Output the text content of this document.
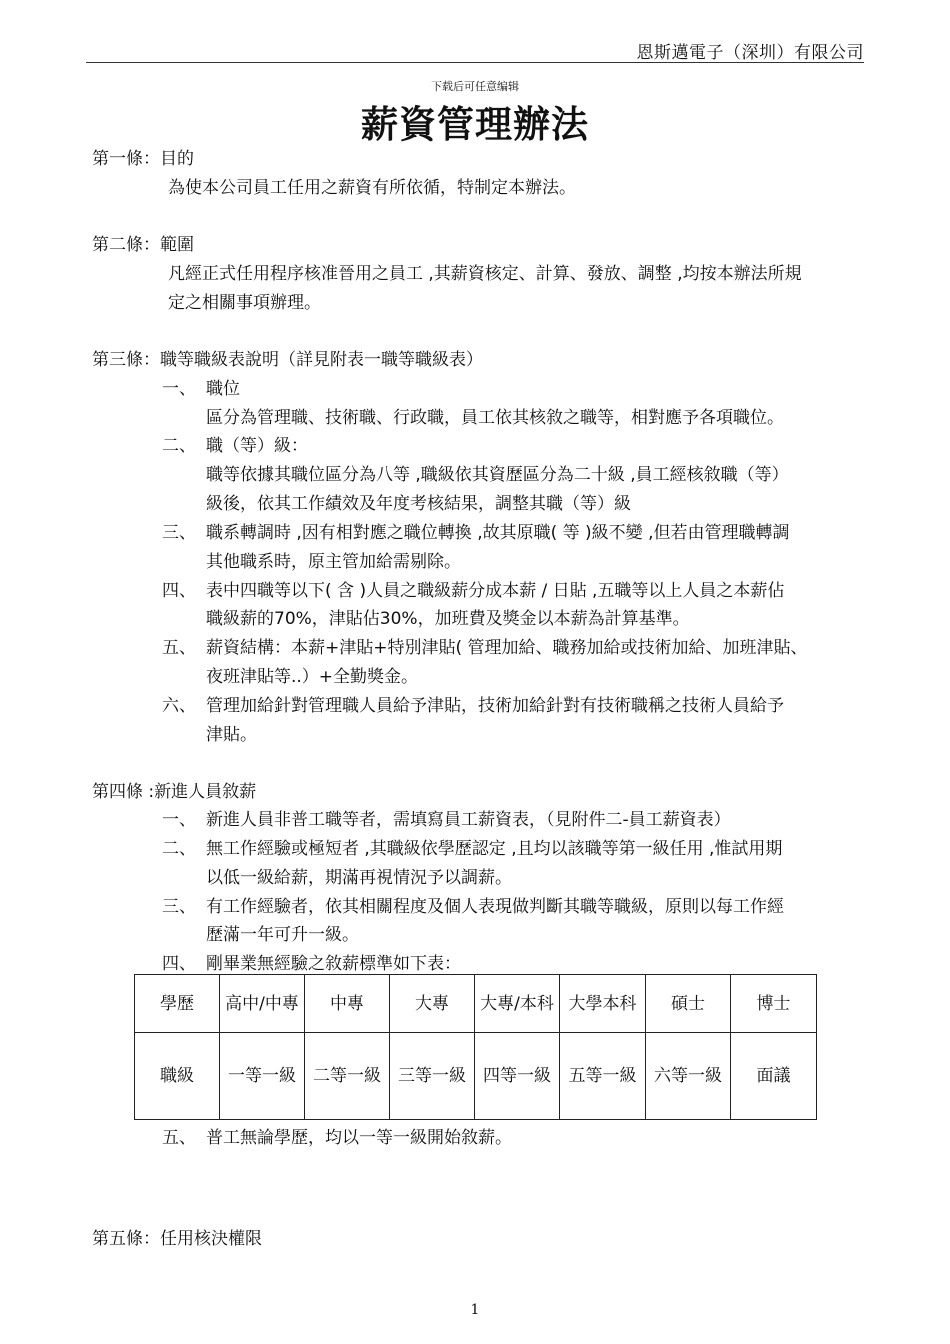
恩斯邁電子（深圳）有限公司
下载后可任意编辑
薪資管理辦法
第一條：目的
為使本公司員工任用之薪資有所依循，特制定本辦法。
第二條：範圍
凡經正式任用程序核准晉用之員工 ,其薪資核定、計算、發放、調整 ,均按本辦法所規
定之相關事項辦理。
第三條：職等職級表說明（詳見附表一職等職級表）
一、 職位
區分為管理職、技術職、行政職，員工依其核敘之職等，相對應予各項職位。
二、 職（等）級：
職等依據其職位區分為八等 ,職級依其資歷區分為二十級 ,員工經核敘職（等）
級後，依其工作績效及年度考核結果，調整其職（等）級
三、 職系轉調時 ,因有相對應之職位轉換 ,故其原職( 等 )級不變 ,但若由管理職轉調
其他職系時，原主管加給需剔除。
四、 表中四職等以下( 含 )人員之職級薪分成本薪 / 日貼 ,五職等以上人員之本薪佔
職級薪的70%，津貼佔30%，加班費及獎金以本薪為計算基準。
五、 薪資結構：本薪+津貼+特別津貼( 管理加給、職務加給或技術加給、加班津貼、
夜班津貼等..）+全勤獎金。
六、 管理加給針對管理職人員給予津貼，技術加給針對有技術職稱之技術人員給予
津貼。
第四條 :新進人員敘薪
一、 新進人員非普工職等者，需填寫員工薪資表，（見附件二-員工薪資表）
二、 無工作經驗或極短者 ,其職級依學歷認定 ,且均以該職等第一級任用 ,惟試用期
以低一級給薪，期滿再視情況予以調薪。
三、 有工作經驗者，依其相關程度及個人表現做判斷其職等職級，原則以每工作經
歷滿一年可升一級。
四、 剛畢業無經驗之敘薪標準如下表：
學歷	高中/中專	中專	大專	大專/本科	大學本科	碩士	博士
職級	一等一級	二等一級	三等一級	四等一級	五等一級	六等一級	面議
五、 普工無論學歷，均以一等一級開始敘薪。
第五條：任用核決權限
1
